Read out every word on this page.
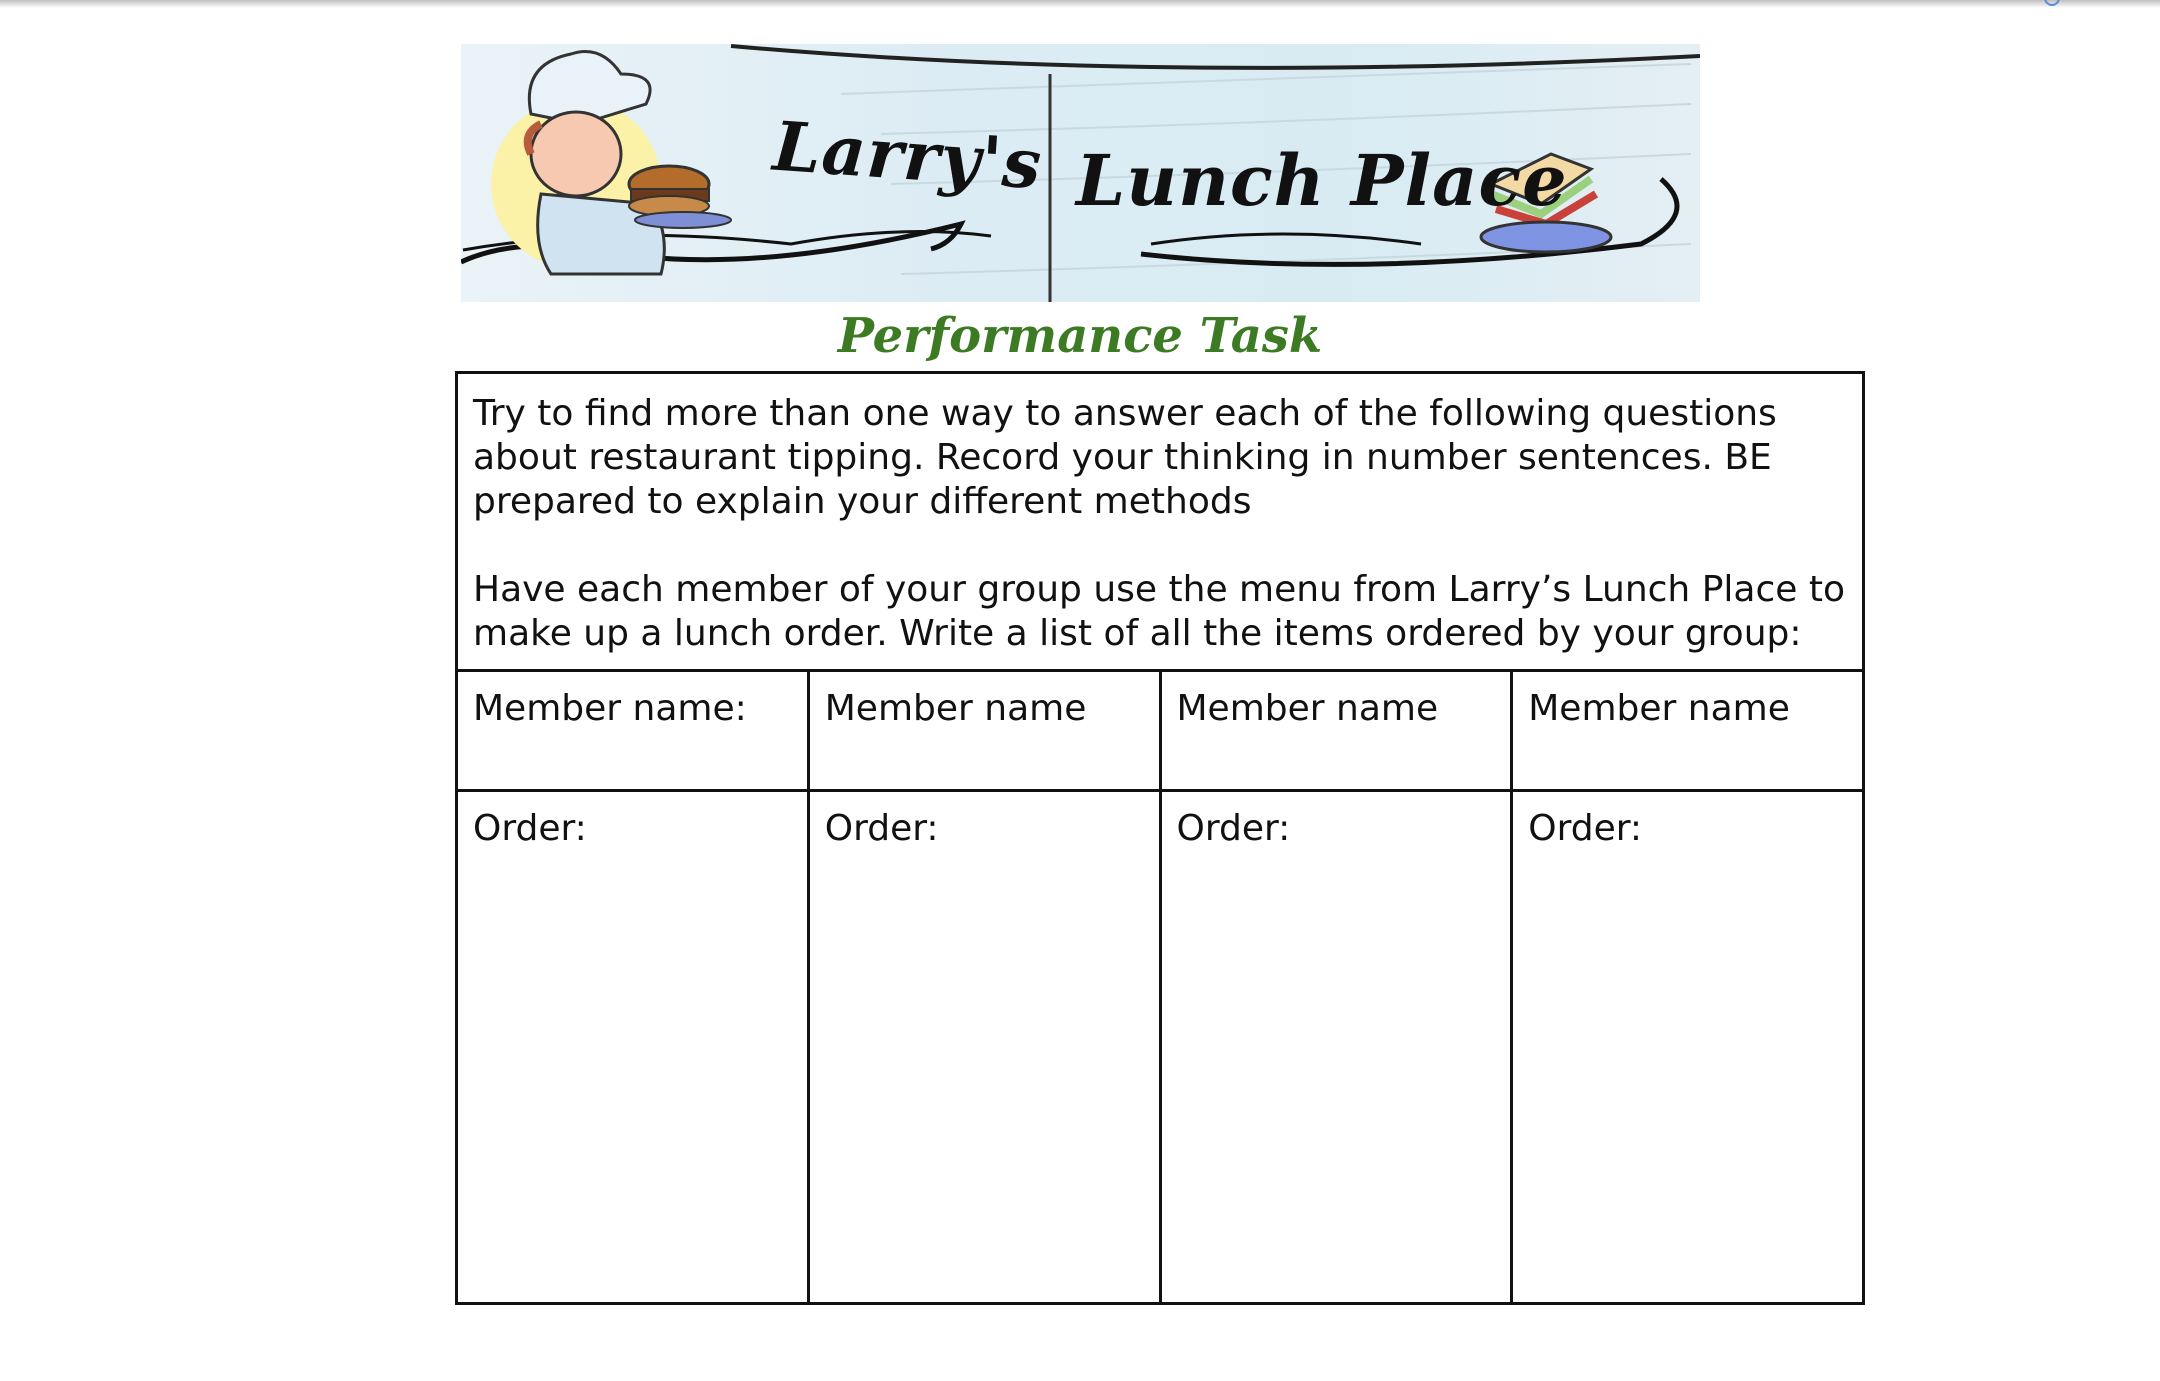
Larry's Lunch Place
Performance Task

Try to find more than one way to answer each of the following questions about restaurant tipping. Record your thinking in number sentences. BE prepared to explain your different methods

Have each member of your group use the menu from Larry’s Lunch Place to make up a lunch order. Write a list of all the items ordered by your group:

Member name:	Member name	Member name	Member name
Order:	Order:	Order:	Order:
